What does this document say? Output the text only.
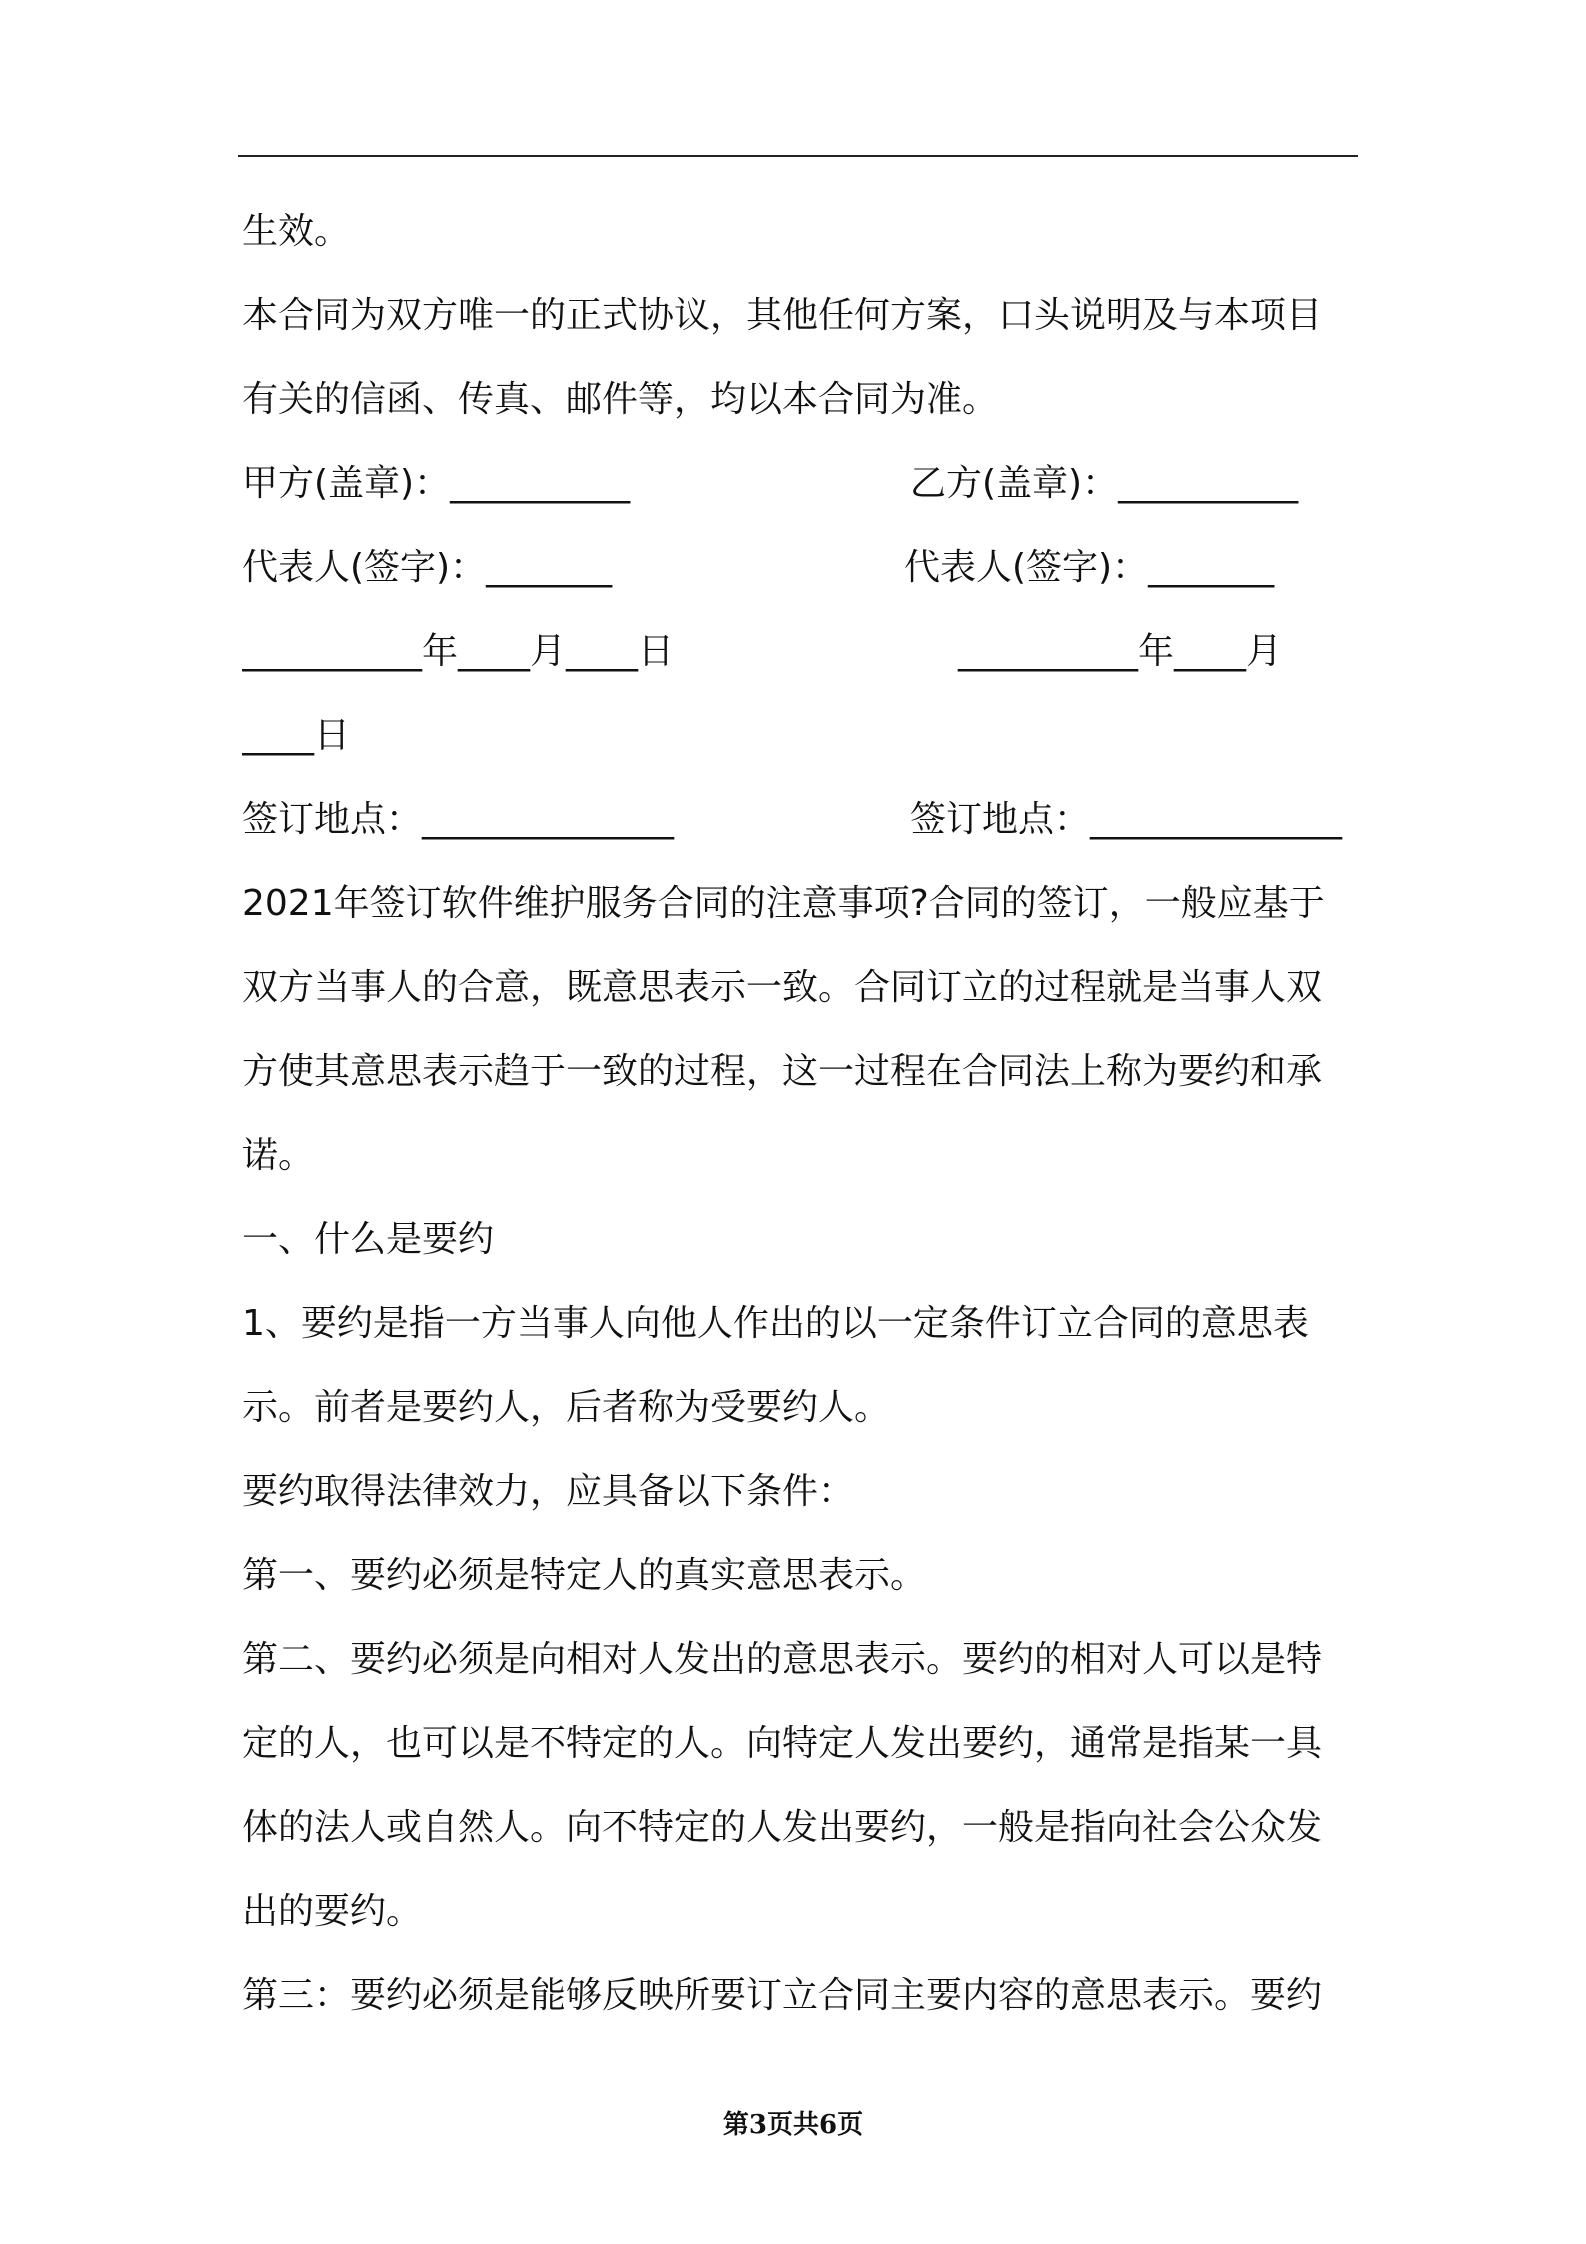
生效。
本合同为双方唯一的正式协议，其他任何方案，口头说明及与本项目
有关的信函、传真、邮件等，均以本合同为准。
甲方(盖章)：__________	乙方(盖章)：__________
代表人(签字)：_______	代表人(签字)：_______
__________年____月____日	__________年____月
____日
签订地点：______________	签订地点：______________
2021年签订软件维护服务合同的注意事项?合同的签订，一般应基于
双方当事人的合意，既意思表示一致。合同订立的过程就是当事人双
方使其意思表示趋于一致的过程，这一过程在合同法上称为要约和承
诺。
一、什么是要约
1、要约是指一方当事人向他人作出的以一定条件订立合同的意思表
示。前者是要约人，后者称为受要约人。
要约取得法律效力，应具备以下条件：
第一、要约必须是特定人的真实意思表示。
第二、要约必须是向相对人发出的意思表示。要约的相对人可以是特
定的人，也可以是不特定的人。向特定人发出要约，通常是指某一具
体的法人或自然人。向不特定的人发出要约，一般是指向社会公众发
出的要约。
第三：要约必须是能够反映所要订立合同主要内容的意思表示。要约
第3页共6页
